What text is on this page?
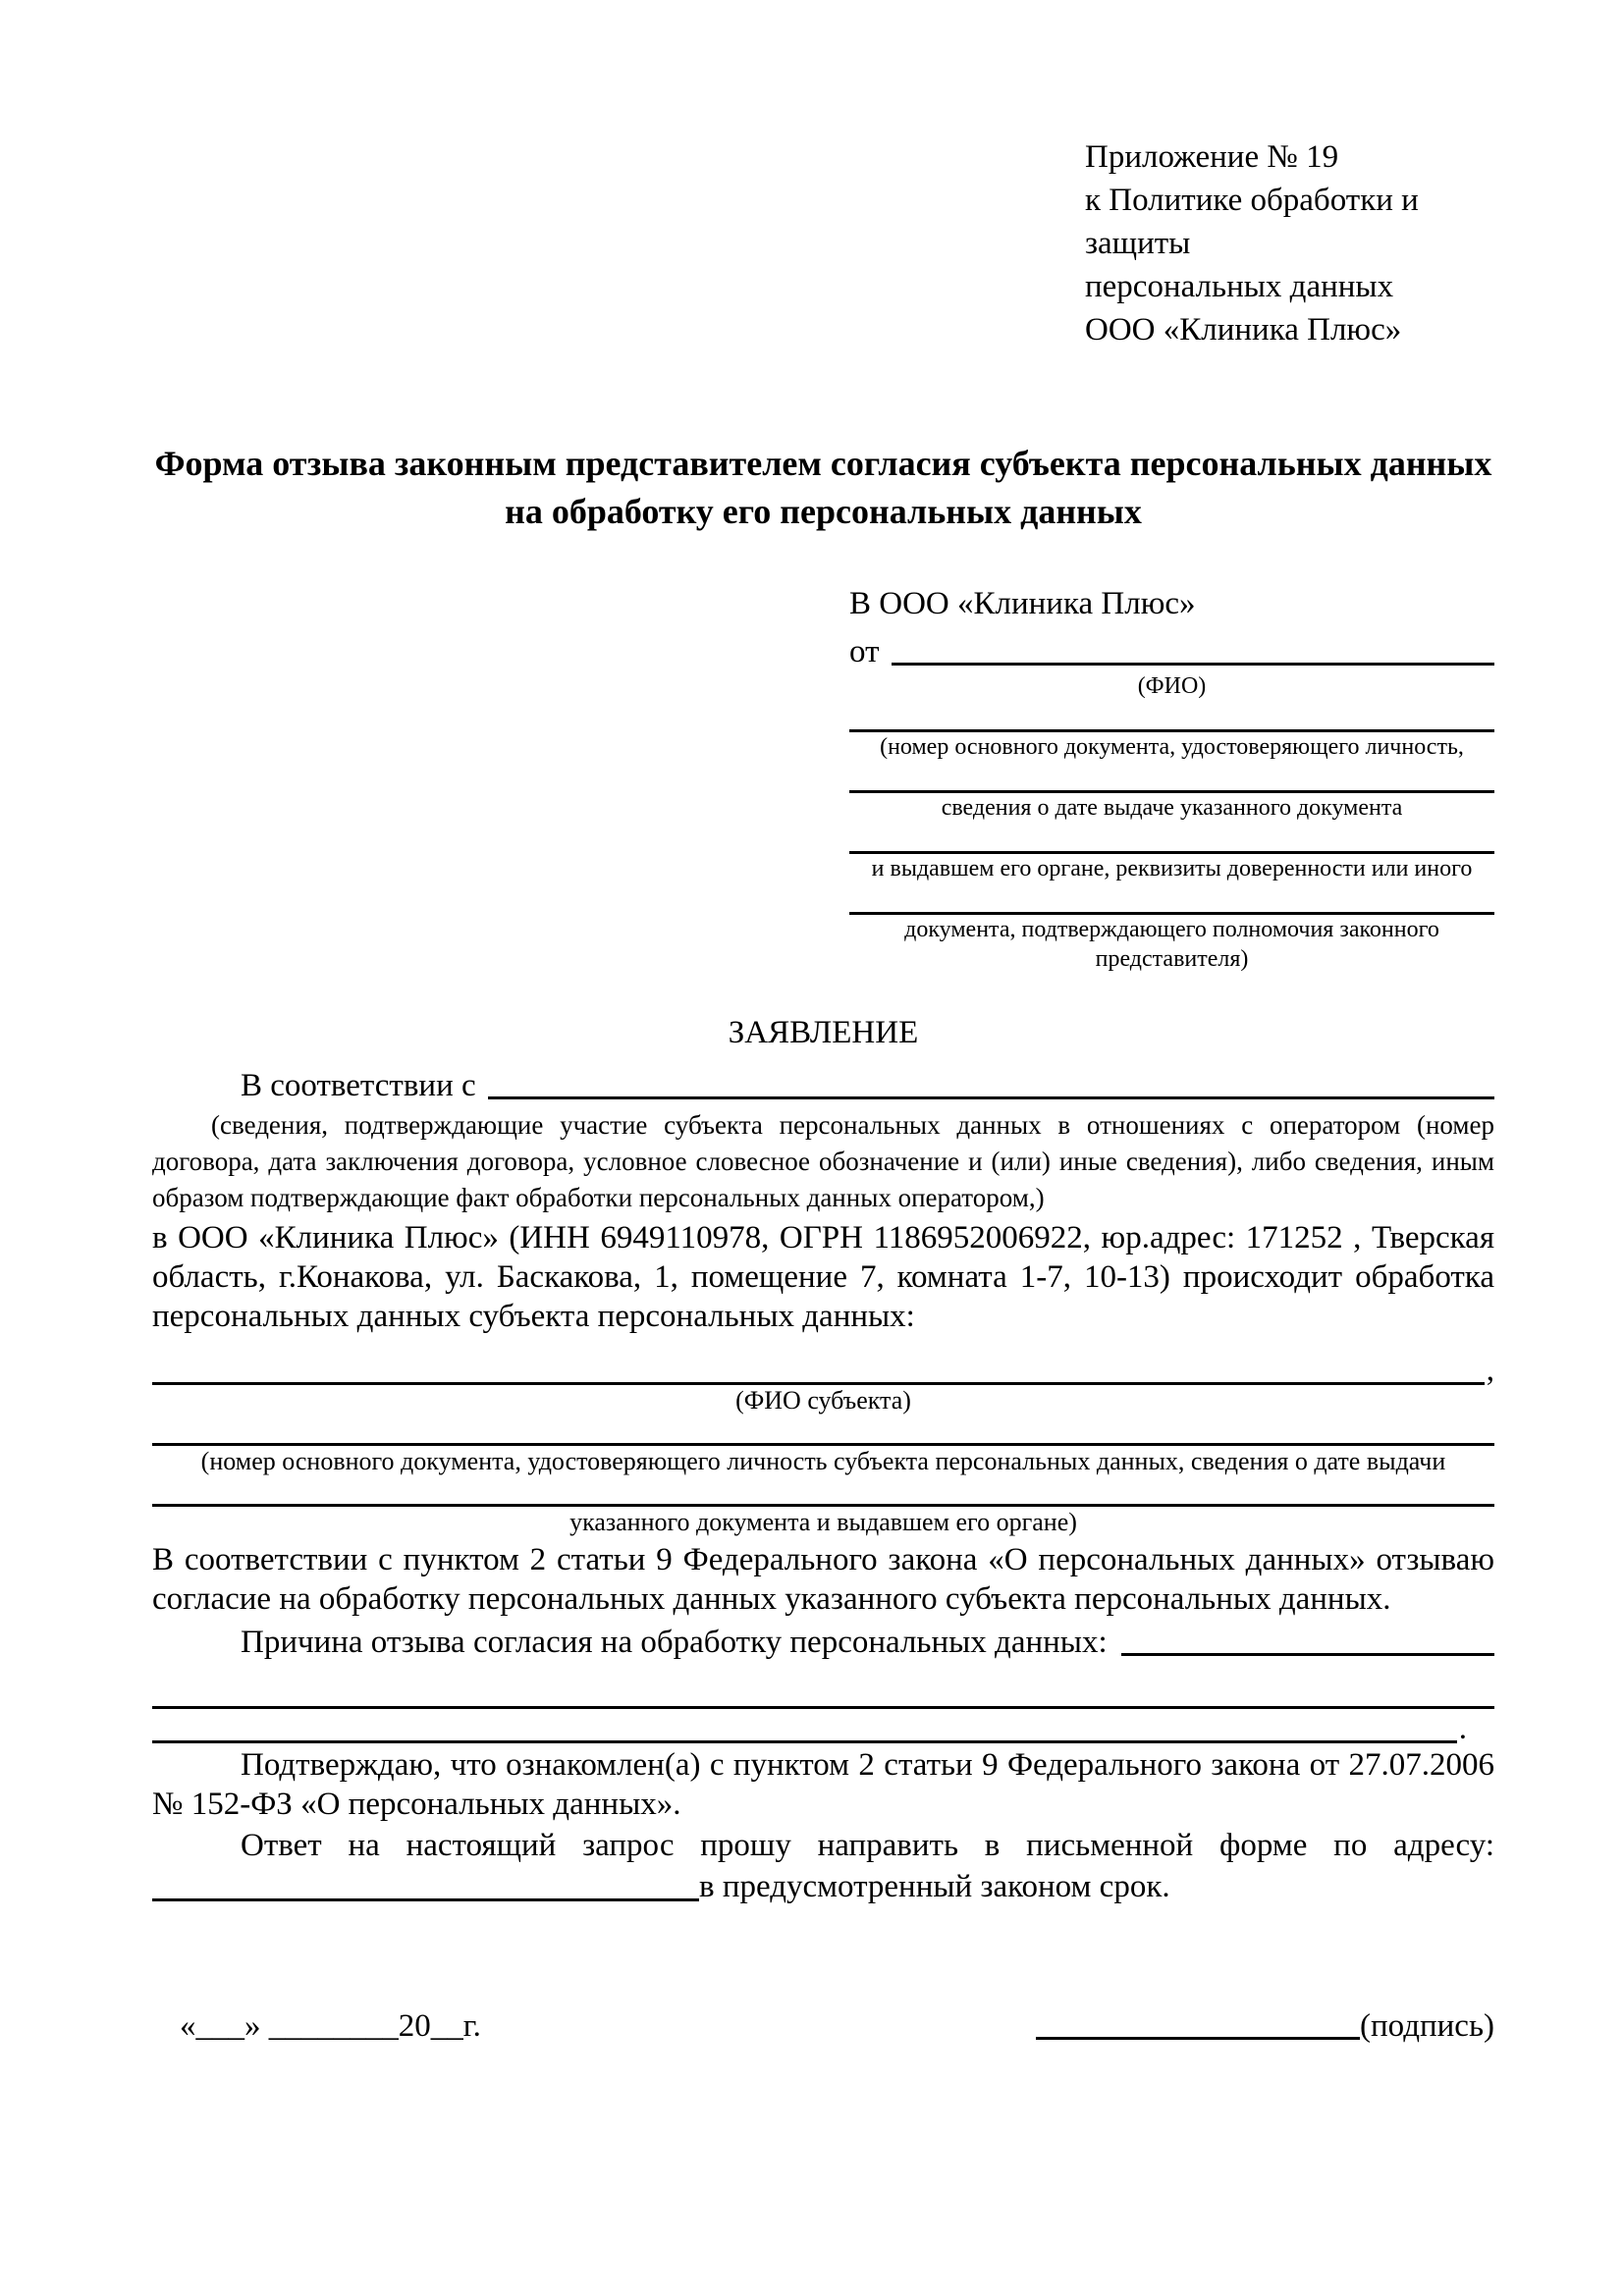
Приложение № 19
к Политике обработки и защиты
персональных данных
ООО «Клиника Плюс»
Форма отзыва законным представителем согласия субъекта персональных данных на обработку его персональных данных
В ООО «Клиника Плюс»
от
(ФИО)
(номер основного документа, удостоверяющего личность,
сведения о дате выдаче указанного документа
и выдавшем его органе, реквизиты доверенности или иного
документа, подтверждающего полномочия законного представителя)
ЗАЯВЛЕНИЕ
В соответствии с
(сведения, подтверждающие участие субъекта персональных данных в отношениях с оператором (номер договора, дата заключения договора, условное словесное обозначение и (или) иные сведения), либо сведения, иным образом подтверждающие факт обработки персональных данных оператором,)
в ООО «Клиника Плюс» (ИНН 6949110978, ОГРН 1186952006922, юр.адрес: 171252 , Тверская область, г.Конакова, ул. Баскакова, 1, помещение 7, комната 1-7, 10-13) происходит обработка персональных данных субъекта персональных данных:
,
(ФИО субъекта)
(номер основного документа, удостоверяющего личность субъекта персональных данных, сведения о дате выдачи
указанного документа и выдавшем его органе)
В соответствии с пунктом 2 статьи 9 Федерального закона «О персональных данных» отзываю согласие на обработку персональных данных указанного субъекта персональных данных.
Причина отзыва согласия на обработку персональных данных:
.
Подтверждаю, что ознакомлен(а) с пунктом 2 статьи 9 Федерального закона от 27.07.2006 № 152-ФЗ «О персональных данных».
Ответ на настоящий запрос прошу направить в письменной форме по адресу:
в предусмотренный законом срок.
«___» ________20__г.	(подпись)
